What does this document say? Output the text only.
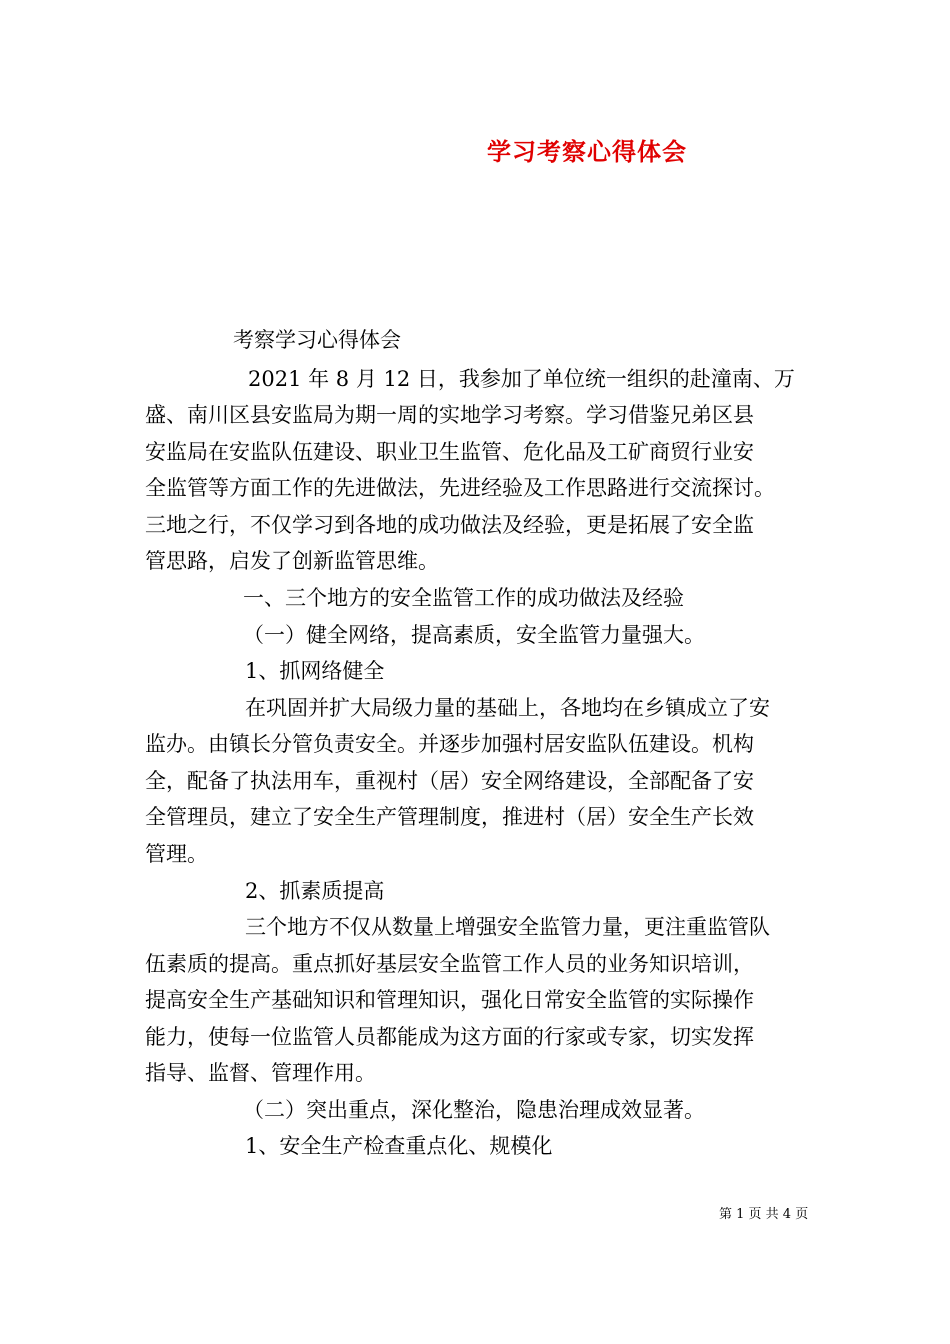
学习考察心得体会
考察学习心得体会
2021 年 8 月 12 日，我参加了单位统一组织的赴潼南、万
盛、南川区县安监局为期一周的实地学习考察。学习借鉴兄弟区县
安监局在安监队伍建设、职业卫生监管、危化品及工矿商贸行业安
全监管等方面工作的先进做法，先进经验及工作思路进行交流探讨。
三地之行，不仅学习到各地的成功做法及经验，更是拓展了安全监
管思路，启发了创新监管思维。
一、三个地方的安全监管工作的成功做法及经验
（一）健全网络，提高素质，安全监管力量强大。
1、抓网络健全
在巩固并扩大局级力量的基础上，各地均在乡镇成立了安
监办。由镇长分管负责安全。并逐步加强村居安监队伍建设。机构
全，配备了执法用车，重视村（居）安全网络建设，全部配备了安
全管理员，建立了安全生产管理制度，推进村（居）安全生产长效
管理。
2、抓素质提高
三个地方不仅从数量上增强安全监管力量，更注重监管队
伍素质的提高。重点抓好基层安全监管工作人员的业务知识培训，
提高安全生产基础知识和管理知识，强化日常安全监管的实际操作
能力，使每一位监管人员都能成为这方面的行家或专家，切实发挥
指导、监督、管理作用。
（二）突出重点，深化整治，隐患治理成效显著。
1、安全生产检查重点化、规模化
第 1 页 共 4 页
